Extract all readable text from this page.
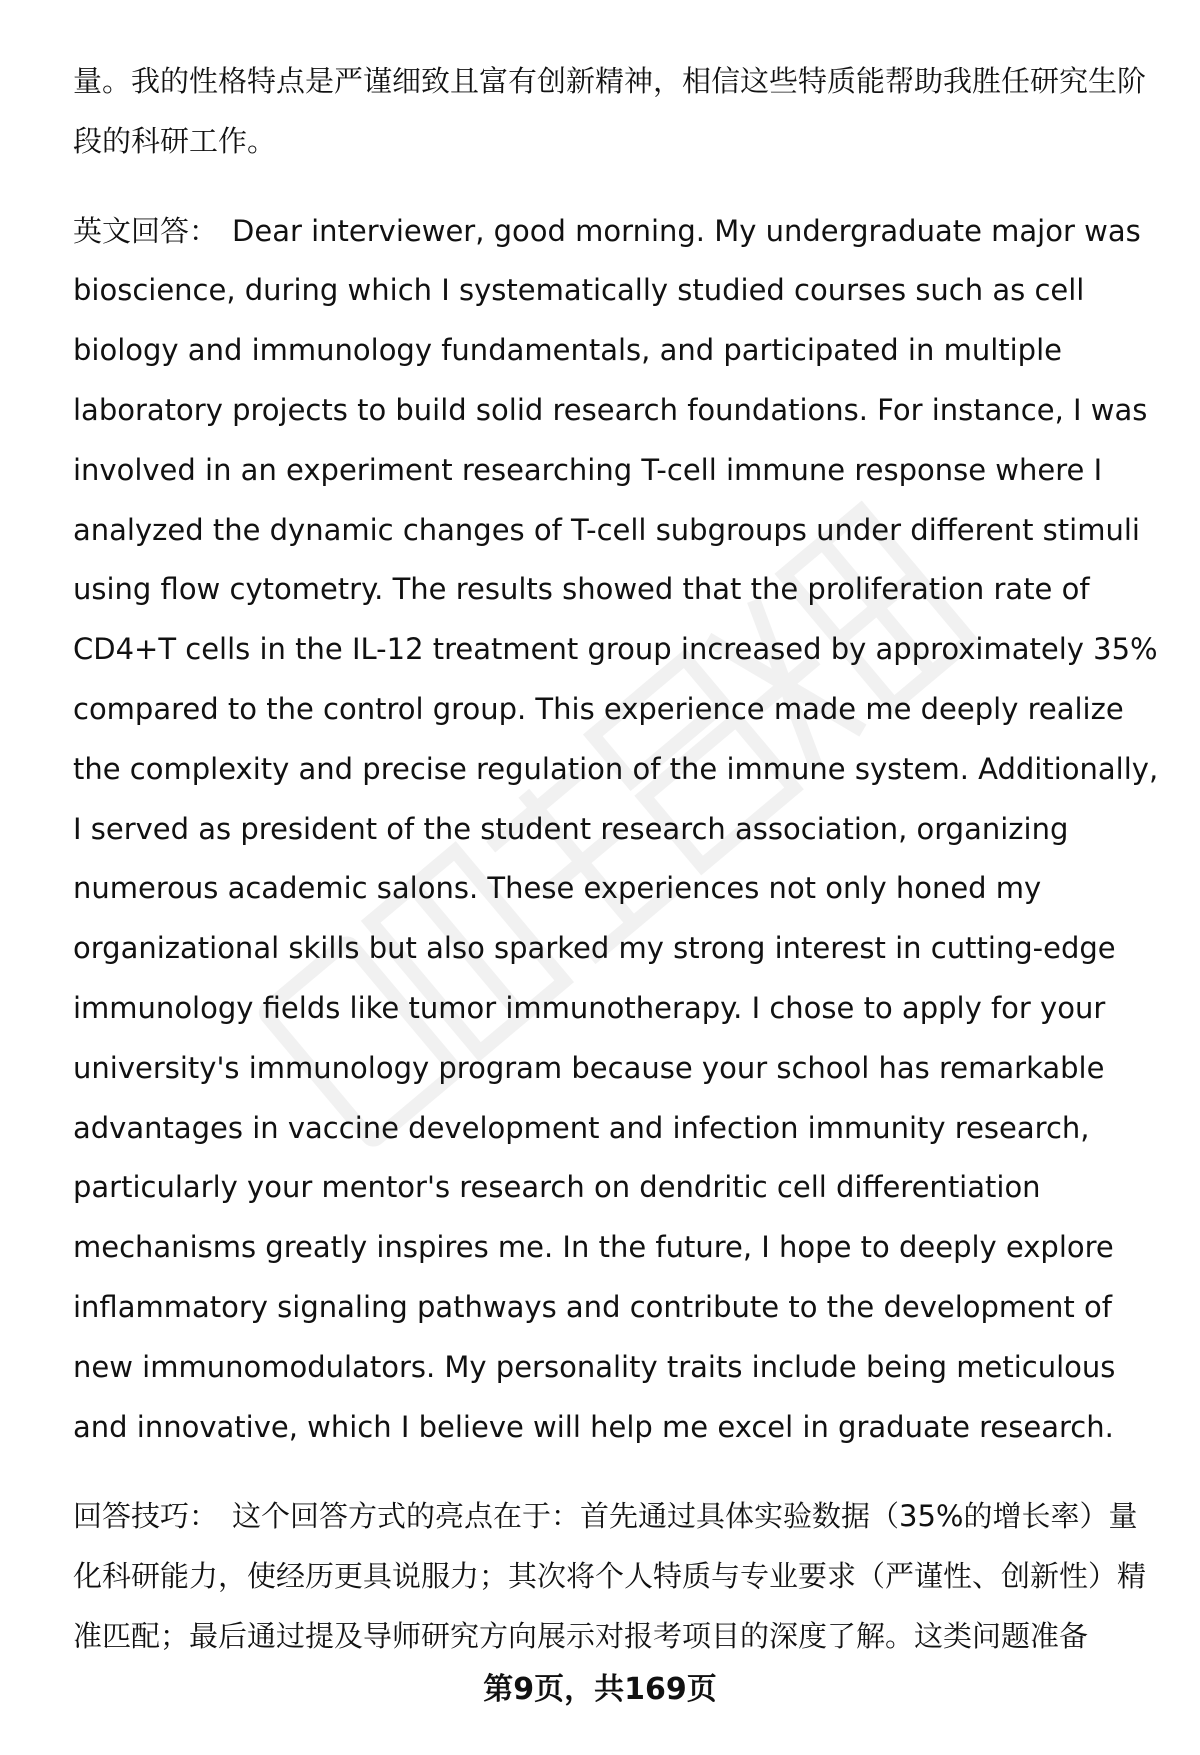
量。我的性格特点是严谨细致且富有创新精神，相信这些特质能帮助我胜任研究生阶段的科研工作。

英文回答： Dear interviewer, good morning. My undergraduate major was bioscience, during which I systematically studied courses such as cell biology and immunology fundamentals, and participated in multiple laboratory projects to build solid research foundations. For instance, I was involved in an experiment researching T-cell immune response where I analyzed the dynamic changes of T-cell subgroups under different stimuli using flow cytometry. The results showed that the proliferation rate of CD4+T cells in the IL-12 treatment group increased by approximately 35% compared to the control group. This experience made me deeply realize the complexity and precise regulation of the immune system. Additionally, I served as president of the student research association, organizing numerous academic salons. These experiences not only honed my organizational skills but also sparked my strong interest in cutting-edge immunology fields like tumor immunotherapy. I chose to apply for your university's immunology program because your school has remarkable advantages in vaccine development and infection immunity research, particularly your mentor's research on dendritic cell differentiation mechanisms greatly inspires me. In the future, I hope to deeply explore inflammatory signaling pathways and contribute to the development of new immunomodulators. My personality traits include being meticulous and innovative, which I believe will help me excel in graduate research.

回答技巧： 这个回答方式的亮点在于：首先通过具体实验数据（35%的增长率）量化科研能力，使经历更具说服力；其次将个人特质与专业要求（严谨性、创新性）精准匹配；最后通过提及导师研究方向展示对报考项目的深度了解。这类问题准备

第9页，共169页
